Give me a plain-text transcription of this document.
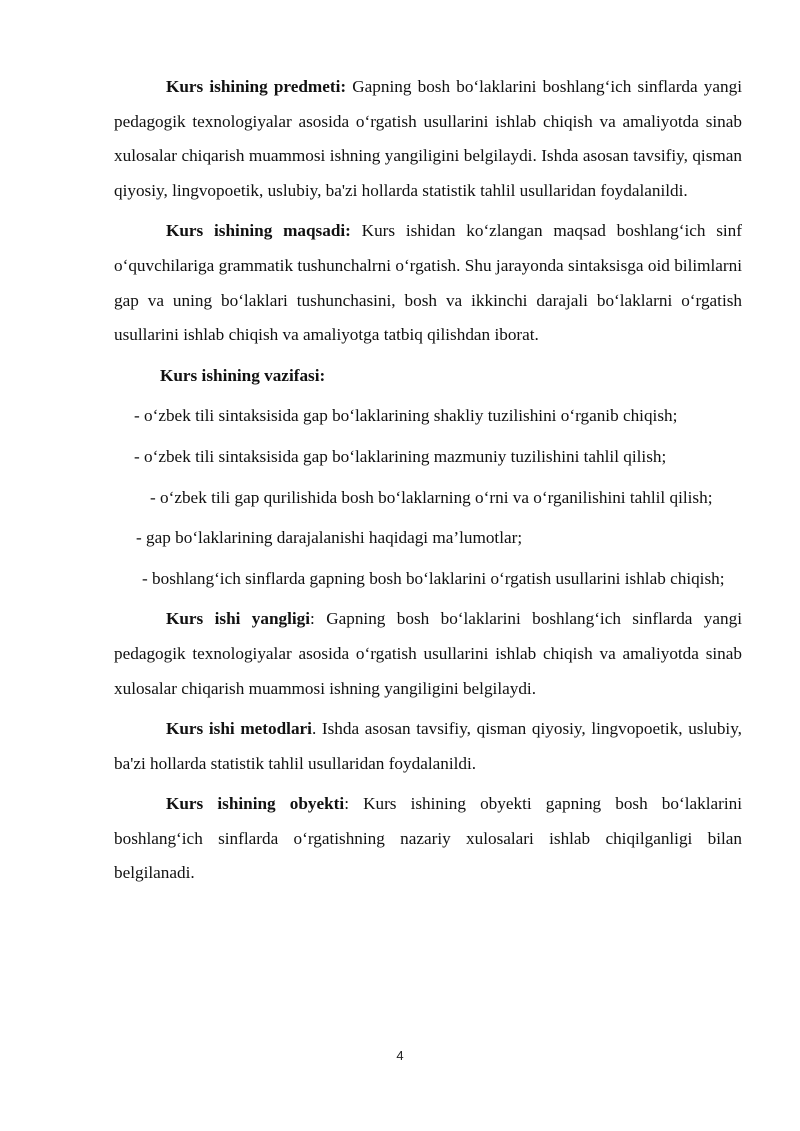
Kurs ishining predmeti: Gapning bosh bo‘laklarini boshlang‘ich sinflarda yangi pedagogik texnologiyalar asosida o‘rgatish usullarini ishlab chiqish va amaliyotda sinab xulosalar chiqarish muammosi ishning yangiligini belgilaydi. Ishda asosan tavsifiy, qisman qiyosiy, lingvopoetik, uslubiy, ba'zi hollarda statistik tahlil usullaridan foydalanildi.

Kurs ishining maqsadi: Kurs ishidan ko‘zlangan maqsad boshlang‘ich sinf o‘quvchilariga grammatik tushunchalrni o‘rgatish. Shu jarayonda sintaksisga oid bilimlarni gap va uning bo‘laklari tushunchasini, bosh va ikkinchi darajali bo‘laklarni o‘rgatish usullarini ishlab chiqish va amaliyotga tatbiq qilishdan iborat.

Kurs ishining vazifasi:

- o‘zbek tili sintaksisida gap bo‘laklarining shakliy tuzilishini o‘rganib chiqish;

- o‘zbek tili sintaksisida gap bo‘laklarining mazmuniy tuzilishini tahlil qilish;

- o‘zbek tili gap qurilishida bosh bo‘laklarning o‘rni va o‘rganilishini tahlil qilish;

- gap bo‘laklarining darajalanishi haqidagi ma’lumotlar;

- boshlang‘ich sinflarda gapning bosh bo‘laklarini o‘rgatish usullarini ishlab chiqish;

Kurs ishi yangligi: Gapning bosh bo‘laklarini boshlang‘ich sinflarda yangi pedagogik texnologiyalar asosida o‘rgatish usullarini ishlab chiqish va amaliyotda sinab xulosalar chiqarish muammosi ishning yangiligini belgilaydi.

Kurs ishi metodlari. Ishda asosan tavsifiy, qisman qiyosiy, lingvopoetik, uslubiy, ba'zi hollarda statistik tahlil usullaridan foydalanildi.

Kurs ishining obyekti: Kurs ishining obyekti gapning bosh bo‘laklarini boshlang‘ich sinflarda o‘rgatishning nazariy xulosalari ishlab chiqilganligi bilan belgilanadi.

4
